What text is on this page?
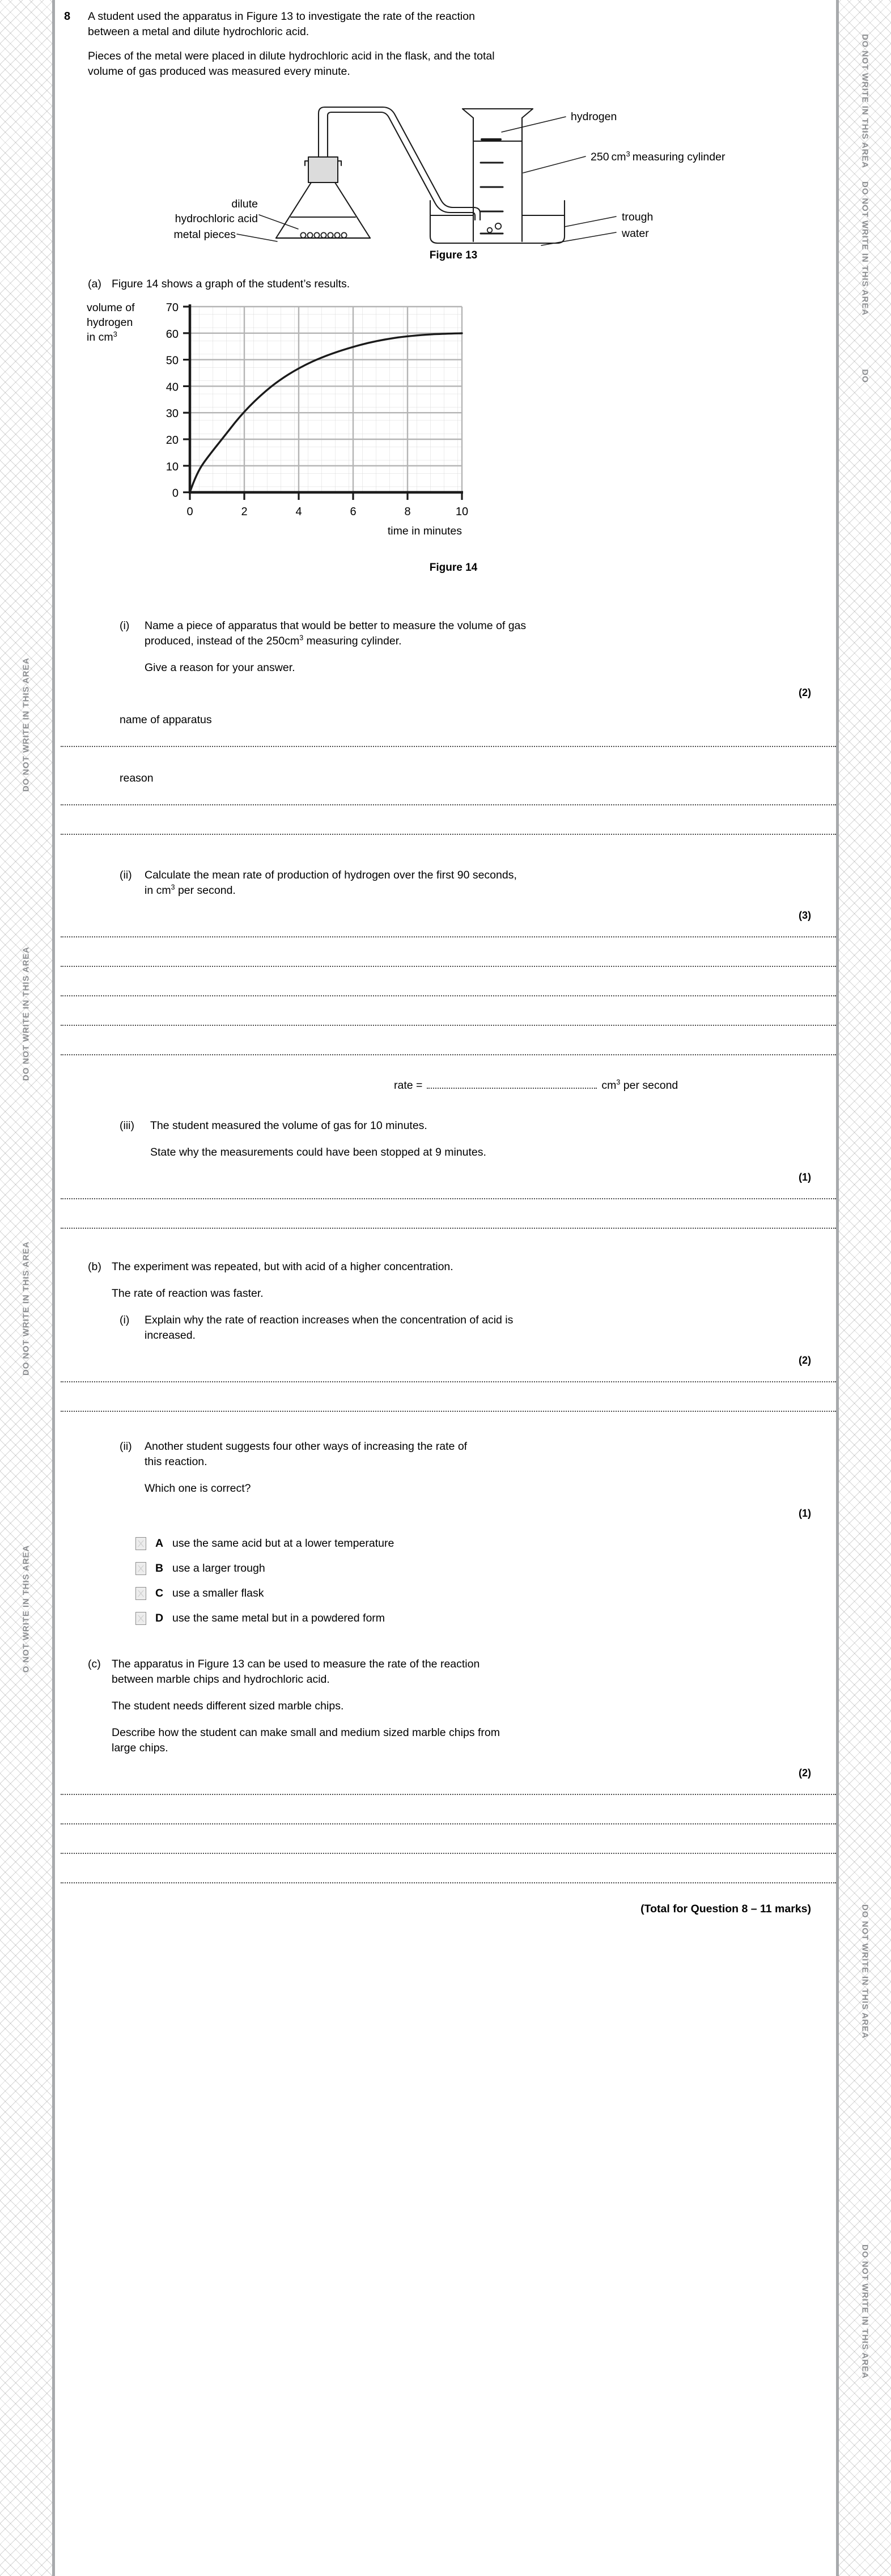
DO NOT WRITE IN THIS AREA
DO NOT WRITE IN THIS AREA
DO NOT WRITE IN THIS AREA
O NOT WRITE IN THIS AREA
DO NOT WRITE IN THIS AREA
DO NOT WRITE IN THIS AREA
DO
DO NOT WRITE IN THIS AREA
DO NOT WRITE IN THIS AREA
8 A student used the apparatus in Figure 13 to investigate the rate of the reaction

between a metal and dilute hydrochloric acid.

Pieces of the metal were placed in dilute hydrochloric acid in the flask, and the total

volume of gas produced was measured every minute.

hydrogen
250 $cm^3$ measuring cylinder
trough
water
dilute
hydrochloric acid
metal pieces

Figure 13

(a) Figure 14 shows a graph of the student’s results.
70
60
50
40
30
20
10
0
0	2	4	6	8	10
volume of
hydrogen
in $cm^3$
time in minutes

Figure 14

(i) Name a piece of apparatus that would be better to measure the volume of gas
produced, instead of the $250cm^3$ measuring cylinder.
Give a reason for your answer.
(2)
name of apparatus
reason
(ii) Calculate the mean rate of production of hydrogen over the first 90 seconds,
in $cm^3$ per second.
(3)
rate =	$cm^3$ per second
(iii) The student measured the volume of gas for 10 minutes.
State why the measurements could have been stopped at 9 minutes.
(1)
(b) The experiment was repeated, but with acid of a higher concentration.
The rate of reaction was faster.
(i) Explain why the rate of reaction increases when the concentration of acid is
increased.
(2)
(ii) Another student suggests four other ways of increasing the rate of
this reaction.
Which one is correct?
(1)
A use the same acid but at a lower temperature
B use a larger trough
C use a smaller flask
D use the same metal but in a powdered form
(c) The apparatus in Figure 13 can be used to measure the rate of the reaction
between marble chips and hydrochloric acid.
The student needs different sized marble chips.
Describe how the student can make small and medium sized marble chips from
large chips.
(2)
(Total for Question 8 – 11 marks)
